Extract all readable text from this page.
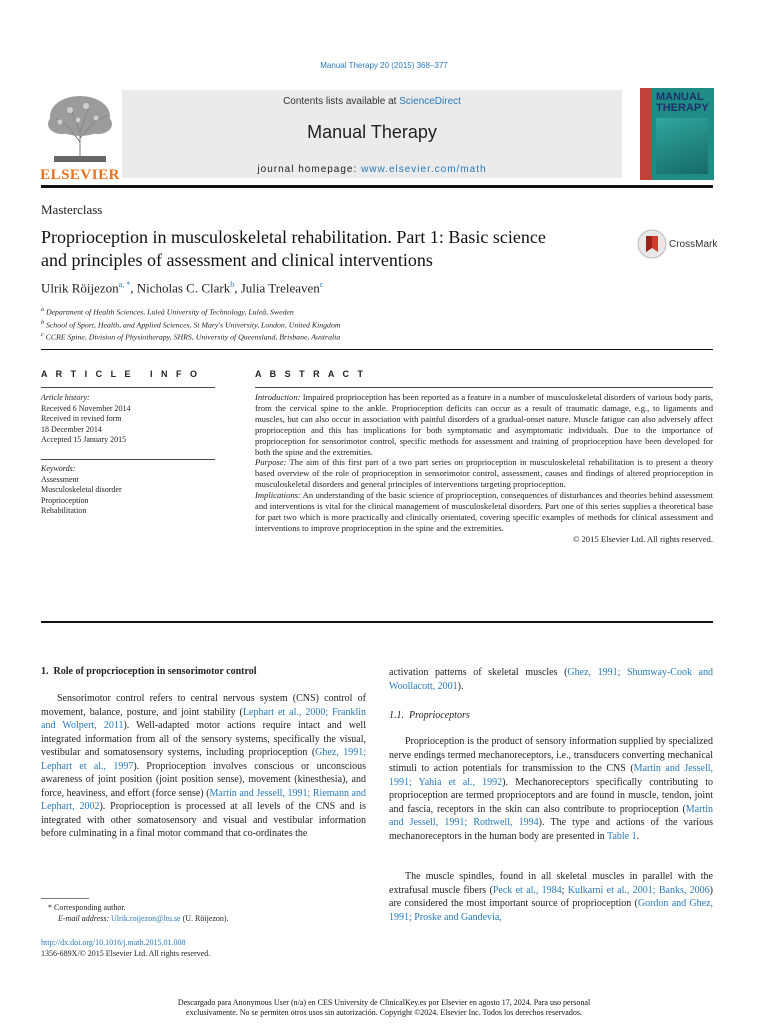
Manual Therapy 20 (2015) 368–377
ELSEVIER
Contents lists available at ScienceDirect
Manual Therapy
journal homepage: www.elsevier.com/math
MANUAL
THERAPY
Masterclass
Proprioception in musculoskeletal rehabilitation. Part 1: Basic science
and principles of assessment and clinical interventions
CrossMark
Ulrik Röijezon$^{a, *}$, Nicholas C. Clark$^b$, Julia Treleaven$^c$
$^a$ Department of Health Sciences, Luleå University of Technology, Luleå, Sweden
$^b$ School of Sport, Health, and Applied Sciences, St Mary's University, London, United Kingdom
$^c$ CCRE Spine, Division of Physiotherapy, SHRS, University of Queensland, Brisbane, Australia
A R T I C L E   I N F O
Article history:
Received 6 November 2014
Received in revised form
18 December 2014
Accepted 15 January 2015
Keywords:
Assessment
Musculoskeletal disorder
Proprioception
Rehabilitation
A B S T R A C T
Introduction: Impaired proprioception has been reported as a feature in a number of musculoskeletal disorders of various body parts, from the cervical spine to the ankle. Proprioception deficits can occur as a result of traumatic damage, e.g., to ligaments and muscles, but can also occur in association with painful disorders of a gradual-onset nature. Muscle fatigue can also adversely affect proprioception and this has implications for both symptomatic and asymptomatic individuals. Due to the importance of proprioception for sensorimotor control, specific methods for assessment and training of proprioception have been developed for both the spine and the extremities.
Purpose: The aim of this first part of a two part series on proprioception in musculoskeletal rehabilitation is to present a theory based overview of the role of proprioception in sensorimotor control, assessment, causes and findings of altered proprioception in musculoskeletal disorders and general principles of interventions targeting proprioception.
Implications: An understanding of the basic science of proprioception, consequences of disturbances and theories behind assessment and interventions is vital for the clinical management of musculoskeletal disorders. Part one of this series supplies a theoretical base for part two which is more practically and clinically orientated, covering specific examples of methods for clinical assessment and interventions to improve proprioception in the spine and the extremities.
© 2015 Elsevier Ltd. All rights reserved.
1.  Role of propcrioception in sensorimotor control
Sensorimotor control refers to central nervous system (CNS) control of movement, balance, posture, and joint stability (Lephart et al., 2000; Franklin and Wolpert, 2011). Well-adapted motor actions require intact and well integrated information from all of the sensory systems, specifically the visual, vestibular and somatosensory systems, including proprioception (Ghez, 1991; Lephart et al., 1997). Proprioception involves conscious or unconscious awareness of joint position (joint position sense), movement (kinesthesia), and force, heaviness, and effort (force sense) (Martin and Jessell, 1991; Riemann and Lephart, 2002). Proprioception is processed at all levels of the CNS and is integrated with other somatosensory and visual and vestibular information before culminating in a final motor command that co-ordinates the
activation patterns of skeletal muscles (Ghez, 1991; Shumway-Cook and Woollacott, 2001).
1.1.  Proprioceptors
Proprioception is the product of sensory information supplied by specialized nerve endings termed mechanoreceptors, i.e., transducers converting mechanical stimuli to action potentials for transmission to the CNS (Martin and Jessell, 1991; Yahia et al., 1992). Mechanoreceptors specifically contributing to proprioception are termed proprioceptors and are found in muscle, tendon, joint and fascia, receptors in the skin can also contribute to proprioception (Martin and Jessell, 1991; Rothwell, 1994). The type and actions of the various mechanoreceptors in the human body are presented in Table 1.
The muscle spindles, found in all skeletal muscles in parallel with the extrafusal muscle fibers (Peck et al., 1984; Kulkarni et al., 2001; Banks, 2006) are considered the most important source of proprioception (Gordon and Ghez, 1991; Proske and Gandevia,
* Corresponding author.
E-mail address: Ulrik.roijezon@ltu.se (U. Röijezon).
http://dx.doi.org/10.1016/j.math.2015.01.008
1356-689X/© 2015 Elsevier Ltd. All rights reserved.
Descargado para Anonymous User (n/a) en CES University de ClinicalKey.es por Elsevier en agosto 17, 2024. Para uso personal
exclusivamente. No se permiten otros usos sin autorización. Copyright ©2024. Elsevier Inc. Todos los derechos reservados.
